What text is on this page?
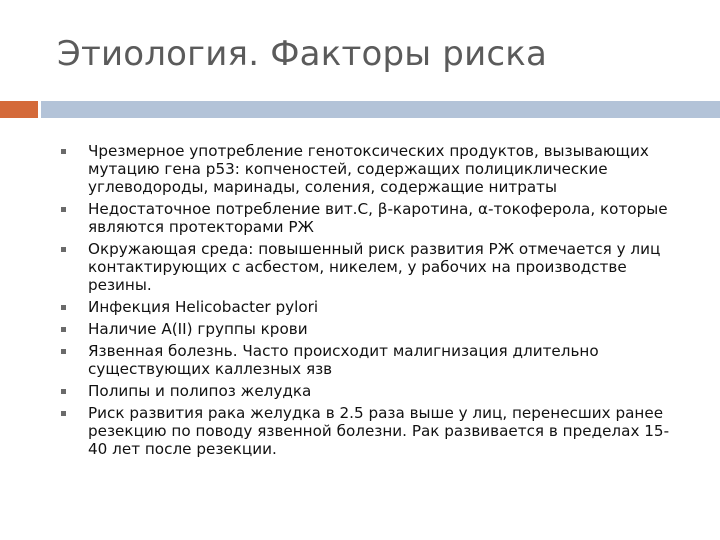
Этиология. Факторы риска
Чрезмерное употребление генотоксических продуктов, вызывающих мутацию гена р53: копченостей, содержащих полициклические углеводороды, маринады, соления, содержащие нитраты
Недостаточное потребление вит.С, β-каротина, α-токоферола, которые являются протекторами РЖ
Окружающая среда: повышенный риск развития РЖ отмечается у лиц контактирующих с асбестом, никелем, у рабочих на производстве резины.
Инфекция Helicobacter pylori
Наличие А(II) группы крови
Язвенная болезнь. Часто происходит малигнизация длительно существующих каллезных язв
Полипы и полипоз желудка
Риск развития рака желудка в 2.5 раза выше у лиц, перенесших ранее резекцию по поводу язвенной болезни. Рак развивается в пределах 15-40 лет после резекции.
